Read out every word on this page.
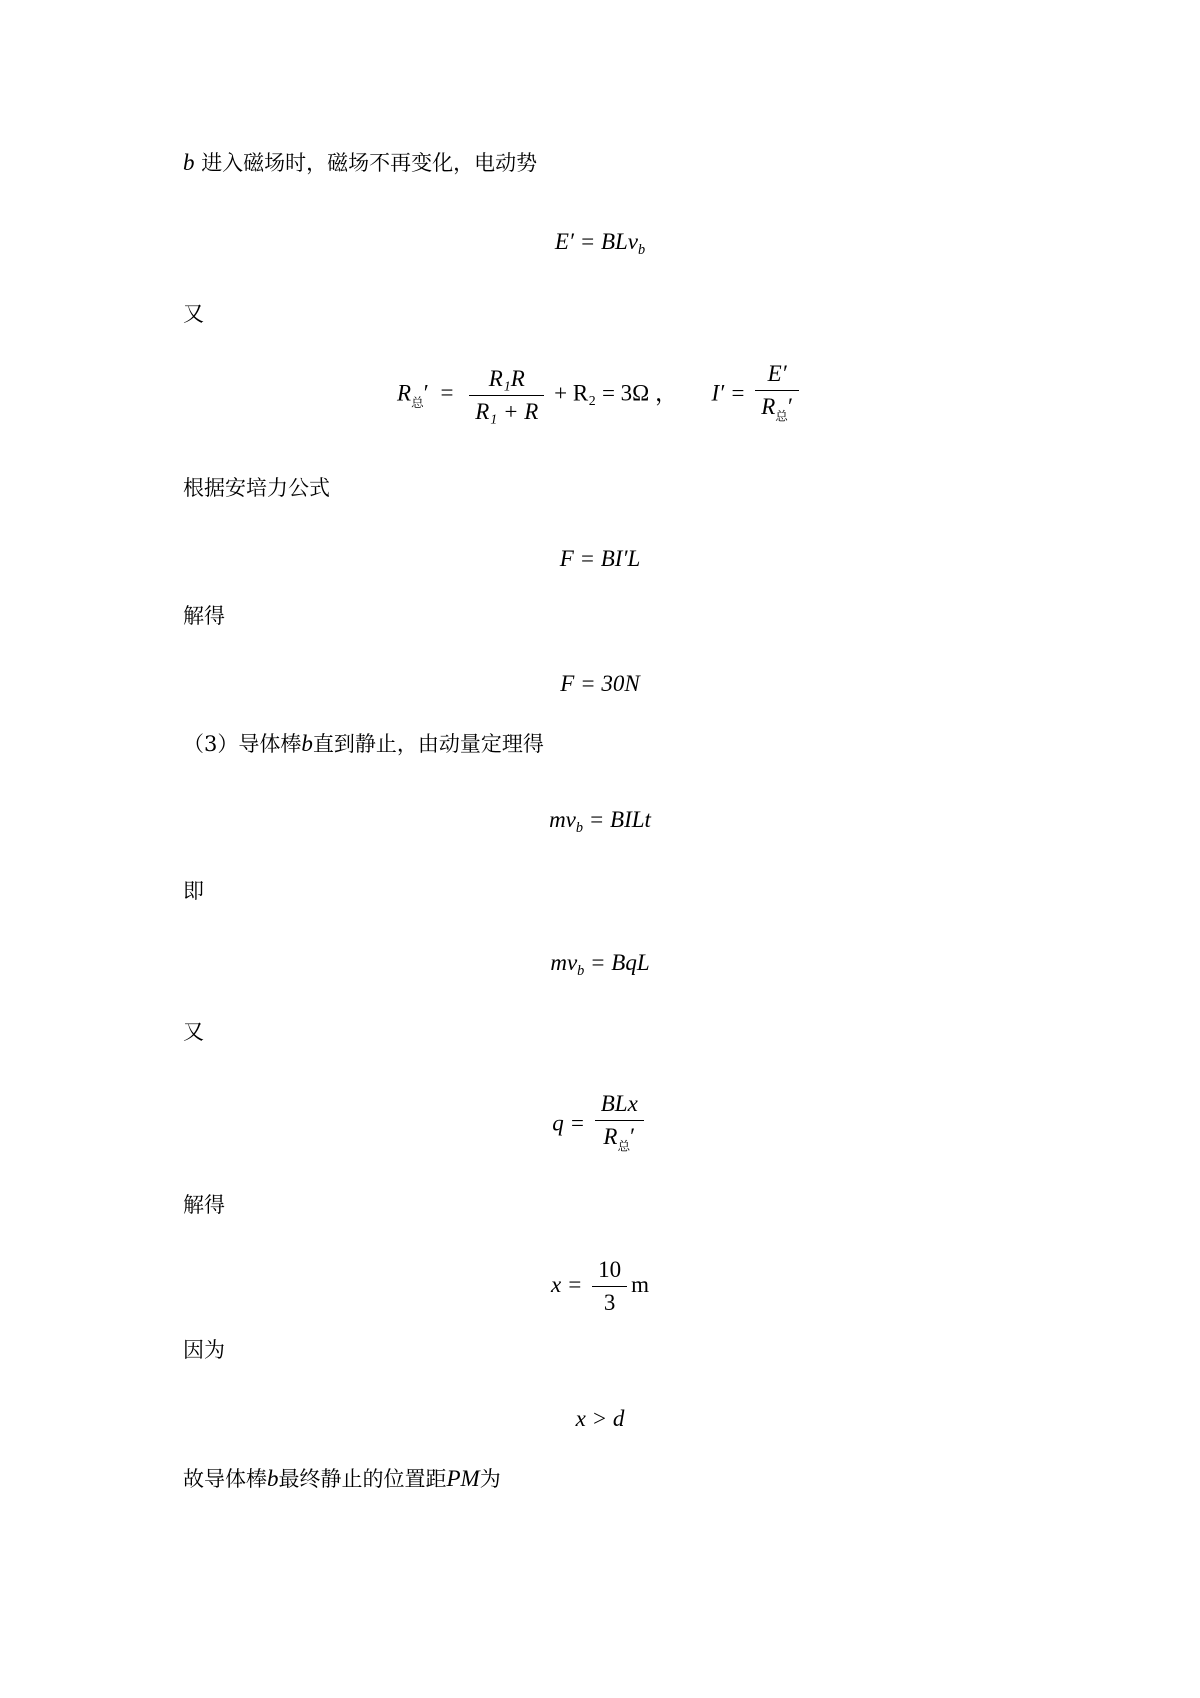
b 进入磁场时，磁场不再变化，电动势
E′ = BLv$_b$
又
$R_总' = \frac{\text{R₁R}}{\text{R₁ + R}} + R_2 = 3\Omega$ ， $I' = \frac{E'}{R_总'}$
根据安培力公式
F = BI′L
解得
F = 30N
（3）导体棒b直到静止，由动量定理得
$mv_b$ = BILt
即
$mv_b$ = BqL
又
$q = \frac{\text{BLx}}{R_总'}$
解得
$x = \frac{10}{3}$ m
因为
x > d
故导体棒b最终静止的位置距PM为
